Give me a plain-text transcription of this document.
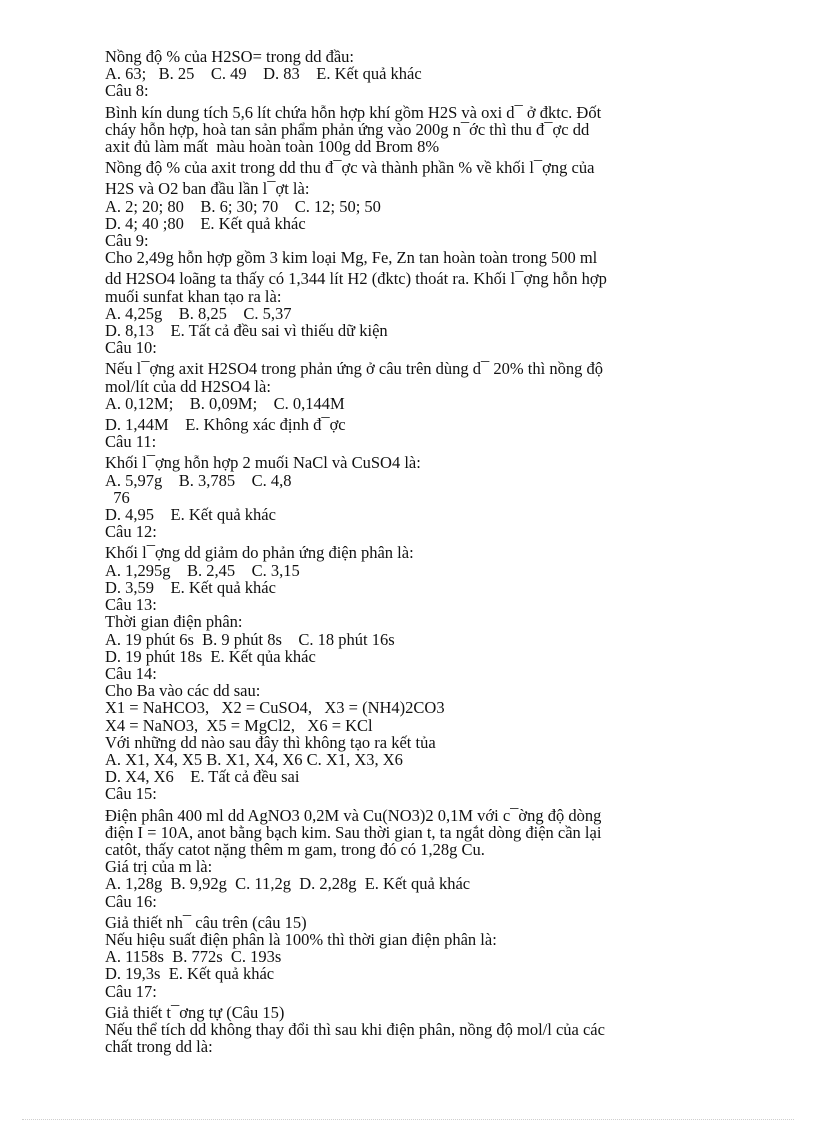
Nồng độ % của H2SO= trong dd đầu:

A. 63;   B. 25    C. 49    D. 83    E. Kết quả khác

Câu 8:

Bình kín dung tích 5,6 lít chứa hỗn hợp khí gồm H2S và oxi d¯ ở đktc. Đốt

cháy hỗn hợp, hoà tan sản phẩm phản ứng vào 200g n¯ớc thì thu đ¯ợc dd

axit đủ làm mất  màu hoàn toàn 100g dd Brom 8%

Nồng độ % của axit trong dd thu đ¯ợc và thành phần % về khối l¯ợng của

H2S và O2 ban đầu lần l¯ợt là:

A. 2; 20; 80    B. 6; 30; 70    C. 12; 50; 50

D. 4; 40 ;80    E. Kết quả khác

Câu 9:

Cho 2,49g hỗn hợp gồm 3 kim loại Mg, Fe, Zn tan hoàn toàn trong 500 ml

dd H2SO4 loãng ta thấy có 1,344 lít H2 (đktc) thoát ra. Khối l¯ợng hỗn hợp

muối sunfat khan tạo ra là:

A. 4,25g    B. 8,25    C. 5,37

D. 8,13    E. Tất cả đều sai vì thiếu dữ kiện

Câu 10:

Nếu l¯ợng axit H2SO4 trong phản ứng ở câu trên dùng d¯ 20% thì nồng độ

mol/lít của dd H2SO4 là:

A. 0,12M;    B. 0,09M;    C. 0,144M

D. 1,44M    E. Không xác định đ¯ợc

Câu 11:

Khối l¯ợng hỗn hợp 2 muối NaCl và CuSO4 là:

A. 5,97g    B. 3,785    C. 4,8

76

D. 4,95    E. Kết quả khác

Câu 12:

Khối l¯ợng dd giảm do phản ứng điện phân là:

A. 1,295g    B. 2,45    C. 3,15

D. 3,59    E. Kết quả khác

Câu 13:

Thời gian điện phân:

A. 19 phút 6s  B. 9 phút 8s    C. 18 phút 16s

D. 19 phút 18s  E. Kết qủa khác

Câu 14:

Cho Ba vào các dd sau:

X1 = NaHCO3,   X2 = CuSO4,   X3 = (NH4)2CO3

X4 = NaNO3,  X5 = MgCl2,   X6 = KCl

Với những dd nào sau đây thì không tạo ra kết tủa

A. X1, X4, X5 B. X1, X4, X6 C. X1, X3, X6

D. X4, X6    E. Tất cả đều sai

Câu 15:

Điện phân 400 ml dd AgNO3 0,2M và Cu(NO3)2 0,1M với c¯ờng độ dòng

điện I = 10A, anot bằng bạch kim. Sau thời gian t, ta ngắt dòng điện cần lại

catôt, thấy catot nặng thêm m gam, trong đó có 1,28g Cu.

Giá trị của m là:

A. 1,28g  B. 9,92g  C. 11,2g  D. 2,28g  E. Kết quả khác

Câu 16:

Giả thiết nh¯ câu trên (câu 15)

Nếu hiệu suất điện phân là 100% thì thời gian điện phân là:

A. 1158s  B. 772s  C. 193s

D. 19,3s  E. Kết quả khác

Câu 17:

Giả thiết t¯ơng tự (Câu 15)

Nếu thể tích dd không thay đổi thì sau khi điện phân, nồng độ mol/l của các

chất trong dd là:
